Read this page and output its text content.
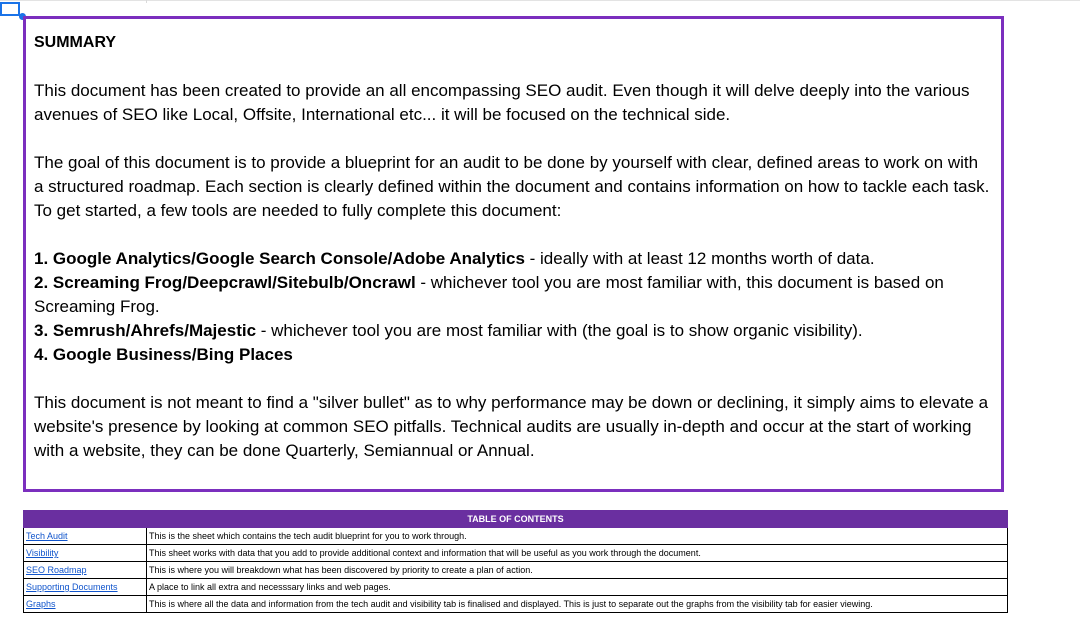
SUMMARY

This document has been created to provide an all encompassing SEO audit. Even though it will delve deeply into the various avenues of SEO like Local, Offsite, International etc... it will be focused on the technical side.

The goal of this document is to provide a blueprint for an audit to be done by yourself with clear, defined areas to work on with a structured roadmap. Each section is clearly defined within the document and contains information on how to tackle each task. To get started, a few tools are needed to fully complete this document:

1. Google Analytics/Google Search Console/Adobe Analytics - ideally with at least 12 months worth of data.

2. Screaming Frog/Deepcrawl/Sitebulb/Oncrawl - whichever tool you are most familiar with, this document is based on Screaming Frog.

3. Semrush/Ahrefs/Majestic - whichever tool you are most familiar with (the goal is to show organic visibility).

4. Google Business/Bing Places

This document is not meant to find a "silver bullet" as to why performance may be down or declining, it simply aims to elevate a website's presence by looking at common SEO pitfalls. Technical audits are usually in-depth and occur at the start of working with a website, they can be done Quarterly, Semiannual or Annual.

TABLE OF CONTENTS	
Tech Audit	This is the sheet which contains the tech audit blueprint for you to work through.
Visibility	This sheet works with data that you add to provide additional context and information that will be useful as you work through the document.
SEO Roadmap	This is where you will breakdown what has been discovered by priority to create a plan of action.
Supporting Documents	A place to link all extra and necesssary links and web pages.
Graphs	This is where all the data and information from the tech audit and visibility tab is finalised and displayed. This is just to separate out the graphs from the visibility tab for easier viewing.
